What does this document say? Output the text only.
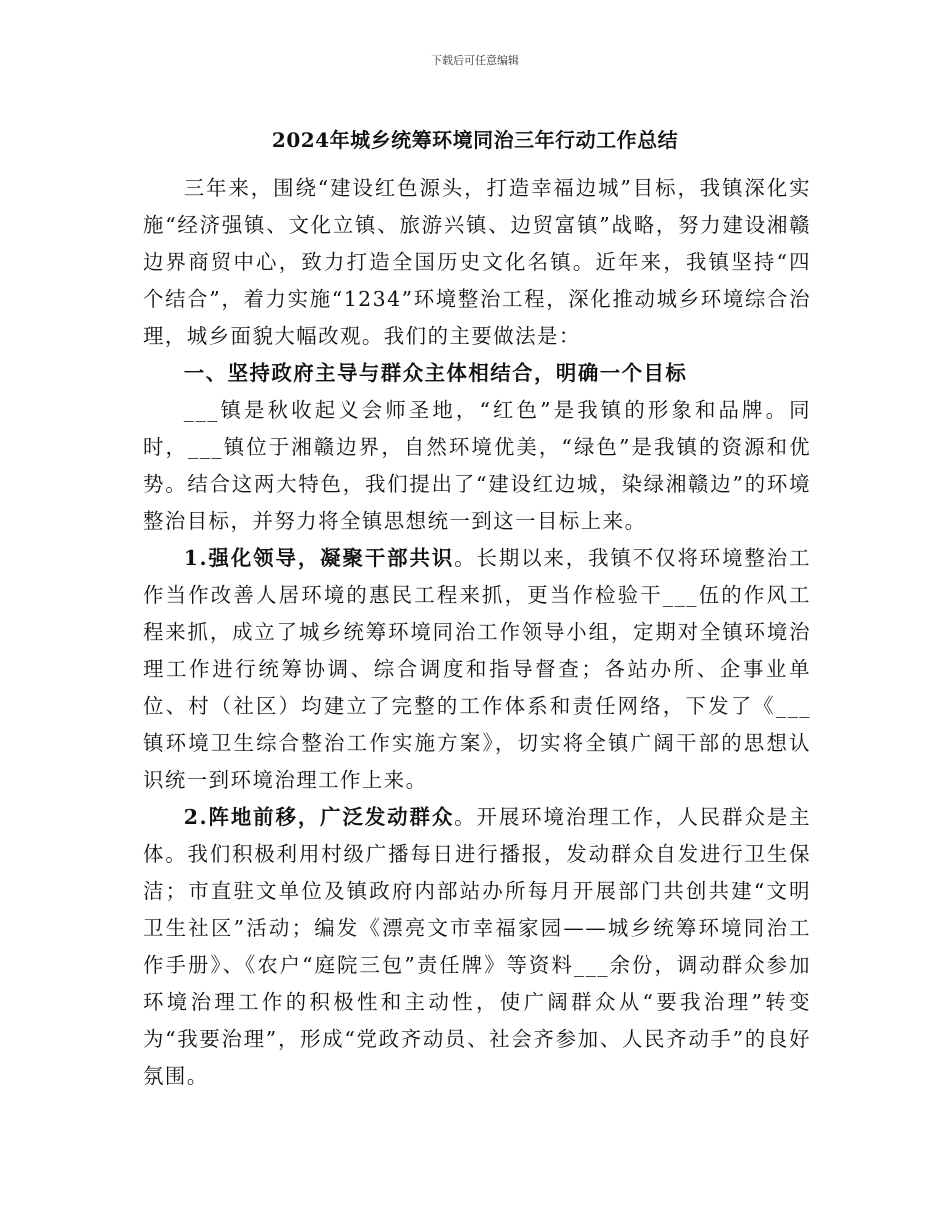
下载后可任意编辑
2024年城乡统筹环境同治三年行动工作总结

三年来，围绕“建设红色源头，打造幸福边城”目标，我镇深化实施“经济强镇、文化立镇、旅游兴镇、边贸富镇”战略，努力建设湘赣边界商贸中心，致力打造全国历史文化名镇。近年来，我镇坚持“四个结合”，着力实施“1234”环境整治工程，深化推动城乡环境综合治理，城乡面貌大幅改观。我们的主要做法是：

一、坚持政府主导与群众主体相结合，明确一个目标

___镇是秋收起义会师圣地，“红色”是我镇的形象和品牌。同时，___镇位于湘赣边界，自然环境优美，“绿色”是我镇的资源和优势。结合这两大特色，我们提出了“建设红边城，染绿湘赣边”的环境整治目标，并努力将全镇思想统一到这一目标上来。

1.强化领导，凝聚干部共识。长期以来，我镇不仅将环境整治工作当作改善人居环境的惠民工程来抓，更当作检验干___伍的作风工程来抓，成立了城乡统筹环境同治工作领导小组，定期对全镇环境治理工作进行统筹协调、综合调度和指导督查；各站办所、企事业单位、村（社区）均建立了完整的工作体系和责任网络，下发了《___镇环境卫生综合整治工作实施方案》，切实将全镇广阔干部的思想认识统一到环境治理工作上来。

2.阵地前移，广泛发动群众。开展环境治理工作，人民群众是主体。我们积极利用村级广播每日进行播报，发动群众自发进行卫生保洁；市直驻文单位及镇政府内部站办所每月开展部门共创共建“文明卫生社区”活动；编发《漂亮文市幸福家园——城乡统筹环境同治工作手册》、《农户“庭院三包”责任牌》等资料___余份，调动群众参加环境治理工作的积极性和主动性，使广阔群众从“要我治理”转变为“我要治理”，形成“党政齐动员、社会齐参加、人民齐动手”的良好氛围。
